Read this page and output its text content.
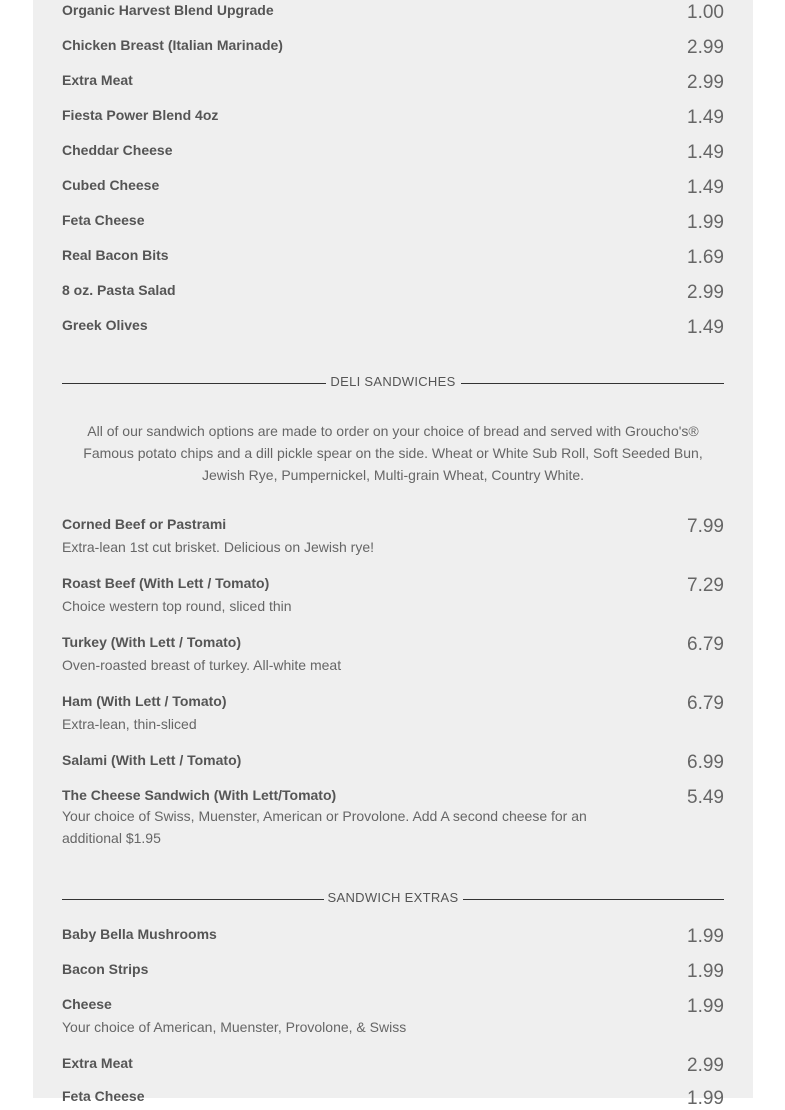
Organic Harvest Blend Upgrade	1.00
Chicken Breast (Italian Marinade)	2.99
Extra Meat	2.99
Fiesta Power Blend 4oz	1.49
Cheddar Cheese	1.49
Cubed Cheese	1.49
Feta Cheese	1.99
Real Bacon Bits	1.69
8 oz. Pasta Salad	2.99
Greek Olives	1.49
DELI SANDWICHES
All of our sandwich options are made to order on your choice of bread and served with Groucho's® Famous potato chips and a dill pickle spear on the side. Wheat or White Sub Roll, Soft Seeded Bun, Jewish Rye, Pumpernickel, Multi-grain Wheat, Country White.
Corned Beef or Pastrami	7.99
Extra-lean 1st cut brisket. Delicious on Jewish rye!
Roast Beef (With Lett / Tomato)	7.29
Choice western top round, sliced thin
Turkey (With Lett / Tomato)	6.79
Oven-roasted breast of turkey. All-white meat
Ham (With Lett / Tomato)	6.79
Extra-lean, thin-sliced
Salami (With Lett / Tomato)	6.99
The Cheese Sandwich (With Lett/Tomato)	5.49
Your choice of Swiss, Muenster, American or Provolone. Add A second cheese for an additional $1.95
SANDWICH EXTRAS
Baby Bella Mushrooms	1.99
Bacon Strips	1.99
Cheese	1.99
Your choice of American, Muenster, Provolone, & Swiss
Extra Meat	2.99
Feta Cheese	1.99
